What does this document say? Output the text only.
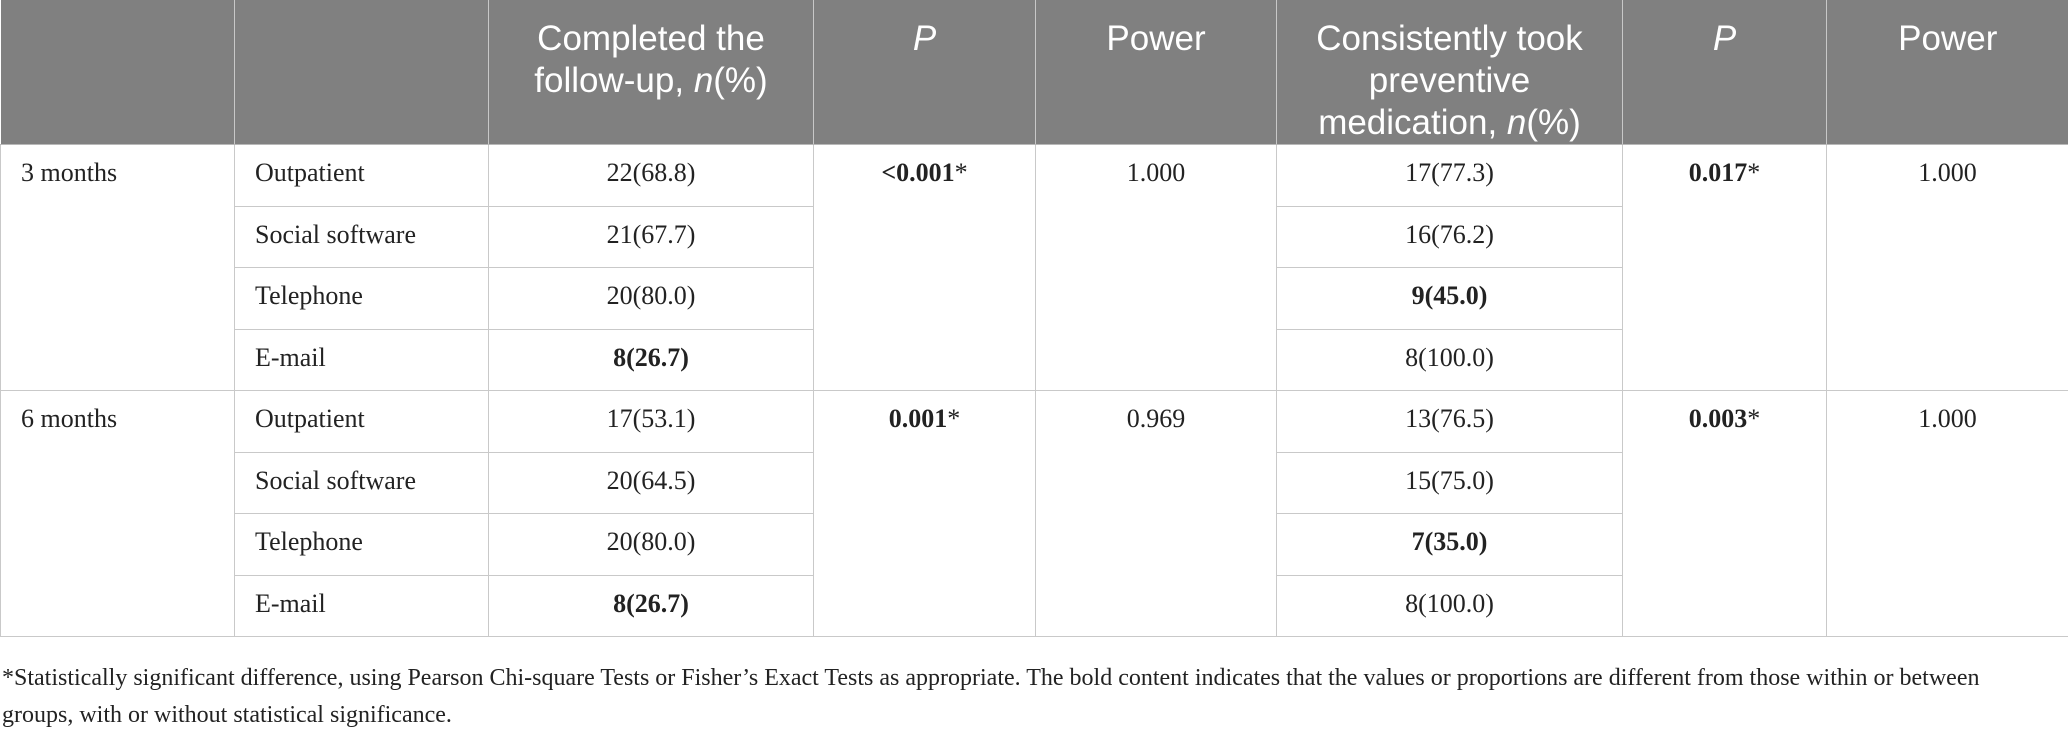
		Completed the follow-up, n(%)	P	Power	Consistently took preventive medication, n(%)	P	Power
3 months	Outpatient	22(68.8)	<0.001*	1.000	17(77.3)	0.017*	1.000
	Social software	21(67.7)			16(76.2)		
	Telephone	20(80.0)			9(45.0)		
	E-mail	8(26.7)			8(100.0)		
6 months	Outpatient	17(53.1)	0.001*	0.969	13(76.5)	0.003*	1.000
	Social software	20(64.5)			15(75.0)		
	Telephone	20(80.0)			7(35.0)		
	E-mail	8(26.7)			8(100.0)		
*Statistically significant difference, using Pearson Chi-square Tests or Fisher’s Exact Tests as appropriate. The bold content indicates that the values or proportions are different from those within or between groups, with or without statistical significance.
